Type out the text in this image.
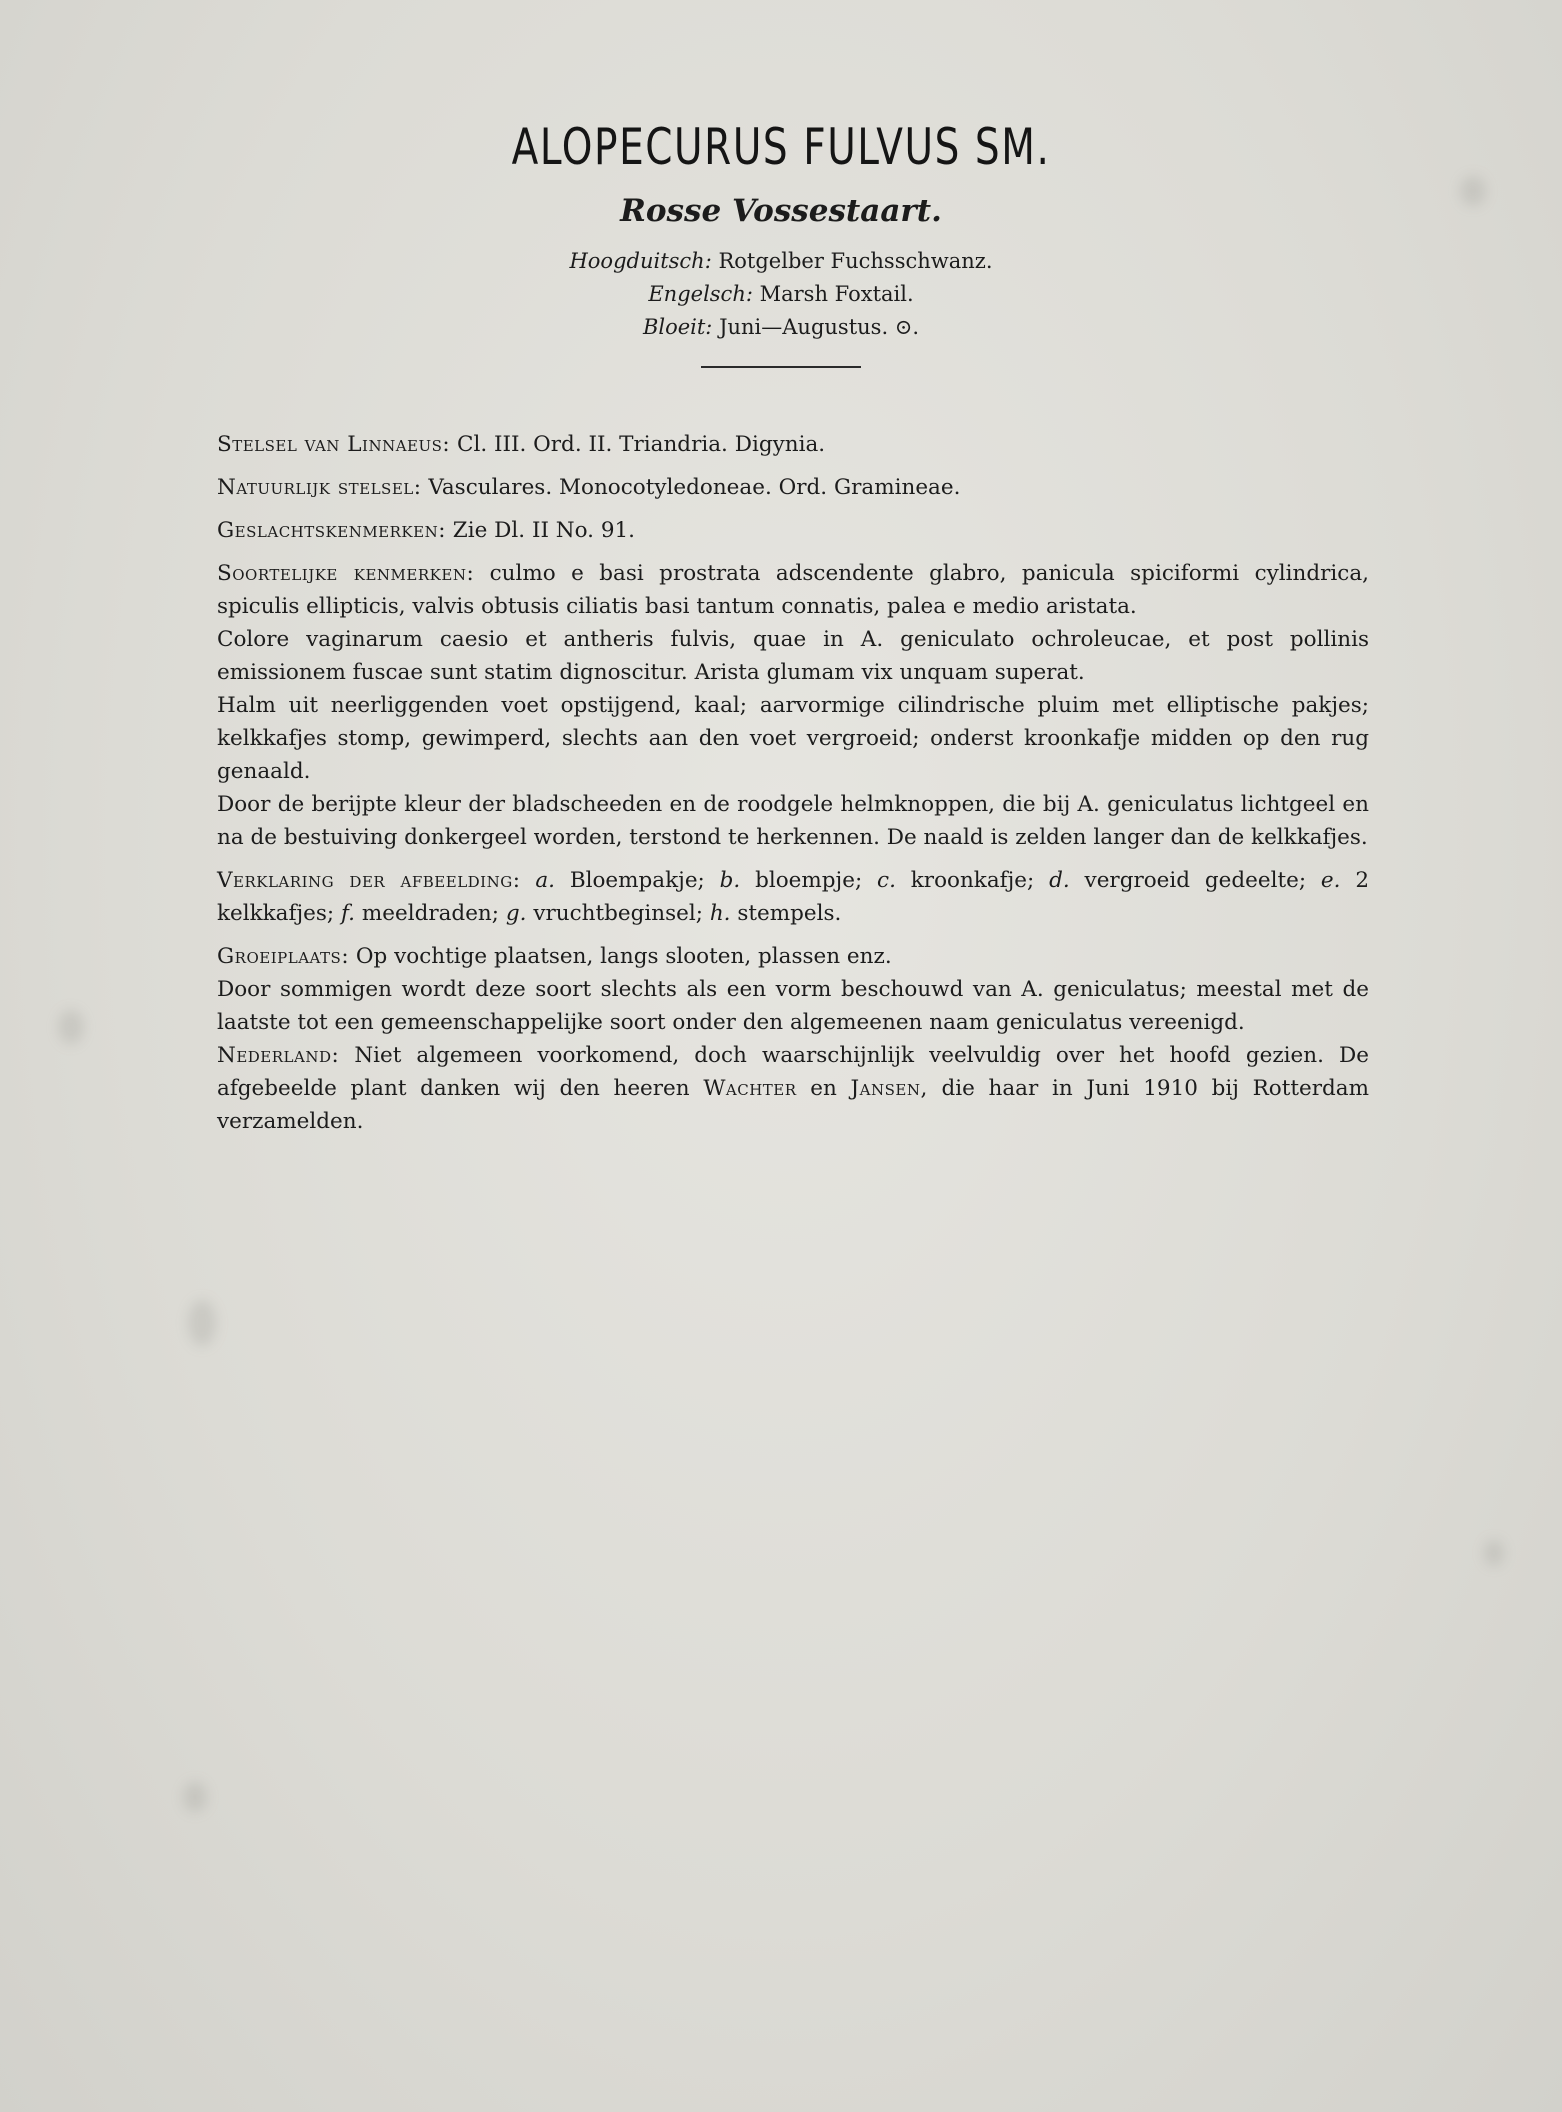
ALOPECURUS FULVUS SM.
Rosse Vossestaart.
Hoogduitsch: Rotgelber Fuchsschwanz.
Engelsch: Marsh Foxtail.
Bloeit: Juni—Augustus. ⊙.

Stelsel van Linnaeus: Cl. III. Ord. II. Triandria. Digynia.

Natuurlijk stelsel: Vasculares. Monocotyledoneae. Ord. Gramineae.

Geslachtskenmerken: Zie Dl. II No. 91.

Soortelijke kenmerken: culmo e basi prostrata adscendente glabro, panicula spiciformi cylindrica, spiculis ellipticis, valvis obtusis ciliatis basi tantum connatis, palea e medio aristata.

Colore vaginarum caesio et antheris fulvis, quae in A. geniculato ochroleucae, et post pollinis emissionem fuscae sunt statim dignoscitur. Arista glumam vix unquam superat.

Halm uit neerliggenden voet opstijgend, kaal; aarvormige cilindrische pluim met elliptische pakjes; kelkkafjes stomp, gewimperd, slechts aan den voet vergroeid; onderst kroonkafje midden op den rug genaald.

Door de berijpte kleur der bladscheeden en de roodgele helmknoppen, die bij A. geniculatus lichtgeel en na de bestuiving donkergeel worden, terstond te herkennen. De naald is zelden langer dan de kelkkafjes.

Verklaring der afbeelding: a. Bloempakje; b. bloempje; c. kroonkafje; d. vergroeid gedeelte; e. 2 kelkkafjes; f. meeldraden; g. vruchtbeginsel; h. stempels.

Groeiplaats: Op vochtige plaatsen, langs slooten, plassen enz.

Door sommigen wordt deze soort slechts als een vorm beschouwd van A. geniculatus; meestal met de laatste tot een gemeenschappelijke soort onder den algemeenen naam geniculatus vereenigd.

Nederland: Niet algemeen voorkomend, doch waarschijnlijk veelvuldig over het hoofd gezien. De afgebeelde plant danken wij den heeren Wachter en Jansen, die haar in Juni 1910 bij Rotterdam verzamelden.
